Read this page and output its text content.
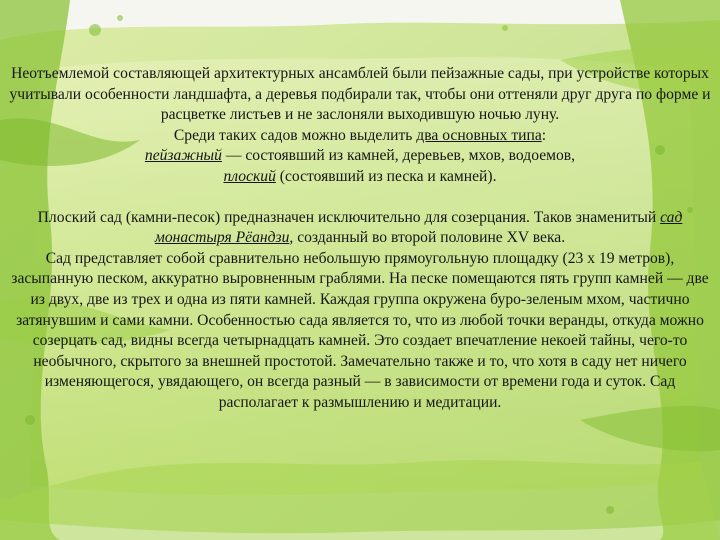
Неотъемлемой составляющей архитектурных ансамблей были пейзажные сады, при устройстве которых учитывали особенности ландшафта, а деревья подбирали так, чтобы они оттеняли друг друга по форме и расцветке листьев и не заслоняли выходившую ночью луну.

Среди таких садов можно выделить два основных типа:

пейзажный — состоявший из камней, деревьев, мхов, водоемов,

плоский (состоявший из песка и камней).

Плоский сад (камни-песок) предназначен исключительно для созерцания. Таков знаменитый сад монастыря Рёандзи, созданный во второй половине XV века.

Сад представляет собой сравнительно небольшую прямоугольную площадку (23 х 19 метров), засыпанную песком, аккуратно выровненным граблями. На песке помещаются пять групп камней — две из двух, две из трех и одна из пяти камней. Каждая группа окружена буро-зеленым мхом, частично затянувшим и сами камни. Особенностью сада является то, что из любой точки веранды, откуда можно созерцать сад, видны всегда четырнадцать камней. Это создает впечатление некоей тайны, чего-то необычного, скрытого за внешней простотой. Замечательно также и то, что хотя в саду нет ничего изменяющегося, увядающего, он всегда разный — в зависимости от времени года и суток. Сад располагает к размышлению и медитации.
